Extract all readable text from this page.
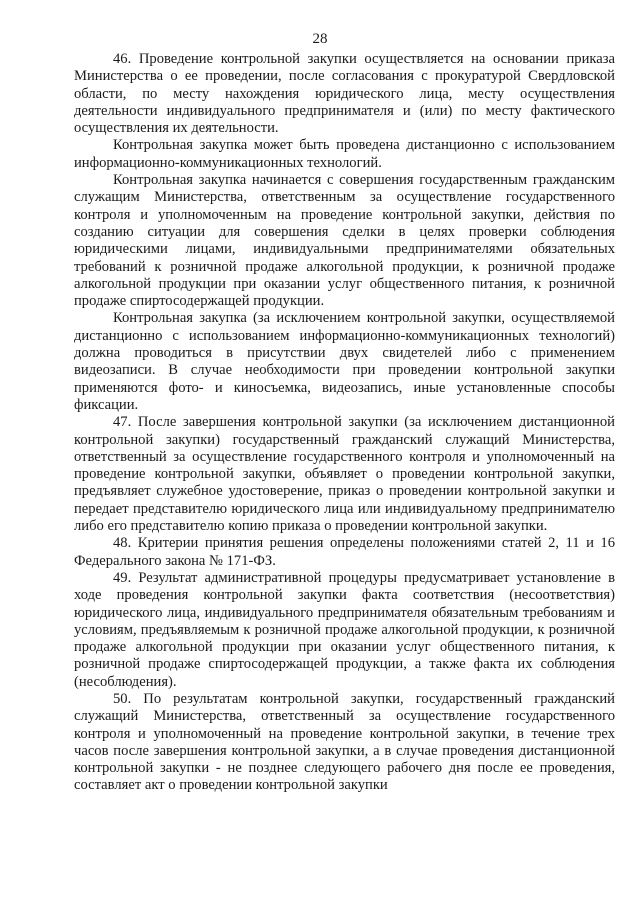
28

46. Проведение контрольной закупки осуществляется на основании приказа Министерства о ее проведении, после согласования с прокуратурой Свердловской области, по месту нахождения юридического лица, месту осуществления деятельности индивидуального предпринимателя и (или) по месту фактического осуществления их деятельности.

Контрольная закупка может быть проведена дистанционно с использованием информационно-коммуникационных технологий.

Контрольная закупка начинается с совершения государственным гражданским служащим Министерства, ответственным за осуществление государственного контроля и уполномоченным на проведение контрольной закупки, действия по созданию ситуации для совершения сделки в целях проверки соблюдения юридическими лицами, индивидуальными предпринимателями обязательных требований к розничной продаже алкогольной продукции, к розничной продаже алкогольной продукции при оказании услуг общественного питания, к розничной продаже спиртосодержащей продукции.

Контрольная закупка (за исключением контрольной закупки, осуществляемой дистанционно с использованием информационно-коммуникационных технологий) должна проводиться в присутствии двух свидетелей либо с применением видеозаписи. В случае необходимости при проведении контрольной закупки применяются фото- и киносъемка, видеозапись, иные установленные способы фиксации.

47. После завершения контрольной закупки (за исключением дистанционной контрольной закупки) государственный гражданский служащий Министерства, ответственный за осуществление государственного контроля и уполномоченный на проведение контрольной закупки, объявляет о проведении контрольной закупки, предъявляет служебное удостоверение, приказ о проведении контрольной закупки и передает представителю юридического лица или индивидуальному предпринимателю либо его представителю копию приказа о проведении контрольной закупки.

48. Критерии принятия решения определены положениями статей 2, 11 и 16 Федерального закона № 171-ФЗ.

49. Результат административной процедуры предусматривает установление в ходе проведения контрольной закупки факта соответствия (несоответствия) юридического лица, индивидуального предпринимателя обязательным требованиям и условиям, предъявляемым к розничной продаже алкогольной продукции, к розничной продаже алкогольной продукции при оказании услуг общественного питания, к розничной продаже спиртосодержащей продукции, а также факта их соблюдения (несоблюдения).

50. По результатам контрольной закупки, государственный гражданский служащий Министерства, ответственный за осуществление государственного контроля и уполномоченный на проведение контрольной закупки, в течение трех часов после завершения контрольной закупки, а в случае проведения дистанционной контрольной закупки - не позднее следующего рабочего дня после ее проведения, составляет акт о проведении контрольной закупки
